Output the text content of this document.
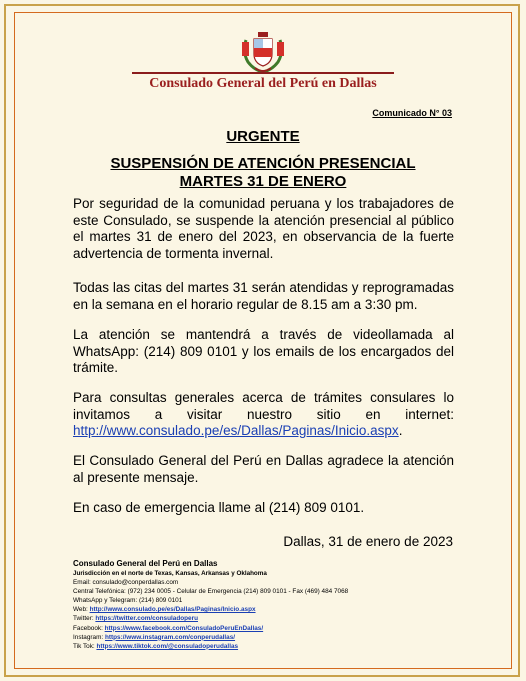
Consulado General del Perú en Dallas
Comunicado N° 03
URGENTE
SUSPENSIÓN DE ATENCIÓN PRESENCIAL
MARTES 31 DE ENERO

Por seguridad de la comunidad peruana y los trabajadores de este Consulado, se suspende la atención presencial al público el martes 31 de enero del 2023, en observancia de la fuerte advertencia de tormenta invernal.

Todas las citas del martes 31 serán atendidas y reprogramadas en la semana en el horario regular de 8.15 am a 3:30 pm.

La atención se mantendrá a través de videollamada al WhatsApp: (214) 809 0101 y los emails de los encargados del trámite.

Para consultas generales acerca de trámites consulares lo invitamos a visitar nuestro sitio en internet: http://www.consulado.pe/es/Dallas/Paginas/Inicio.aspx.

El Consulado General del Perú en Dallas agradece la atención al presente mensaje.

En caso de emergencia llame al (214) 809 0101.

Dallas, 31 de enero de 2023
Consulado General del Perú en Dallas
Jurisdicción en el norte de Texas, Kansas, Arkansas y Oklahoma
Email: consulado@conperdallas.com
Central Telefónica: (972) 234 0005 - Celular de Emergencia (214) 809 0101 - Fax (469) 484 7068
WhatsApp y Telegram: (214) 809 0101
Web: http://www.consulado.pe/es/Dallas/Paginas/Inicio.aspx
Twitter: https://twitter.com/consuladoperu
Facebook: https://www.facebook.com/ConsuladoPeruEnDallas/
Instagram: https://www.instagram.com/conperudallas/
Tik Tok: https://www.tiktok.com/@consuladoperudallas
